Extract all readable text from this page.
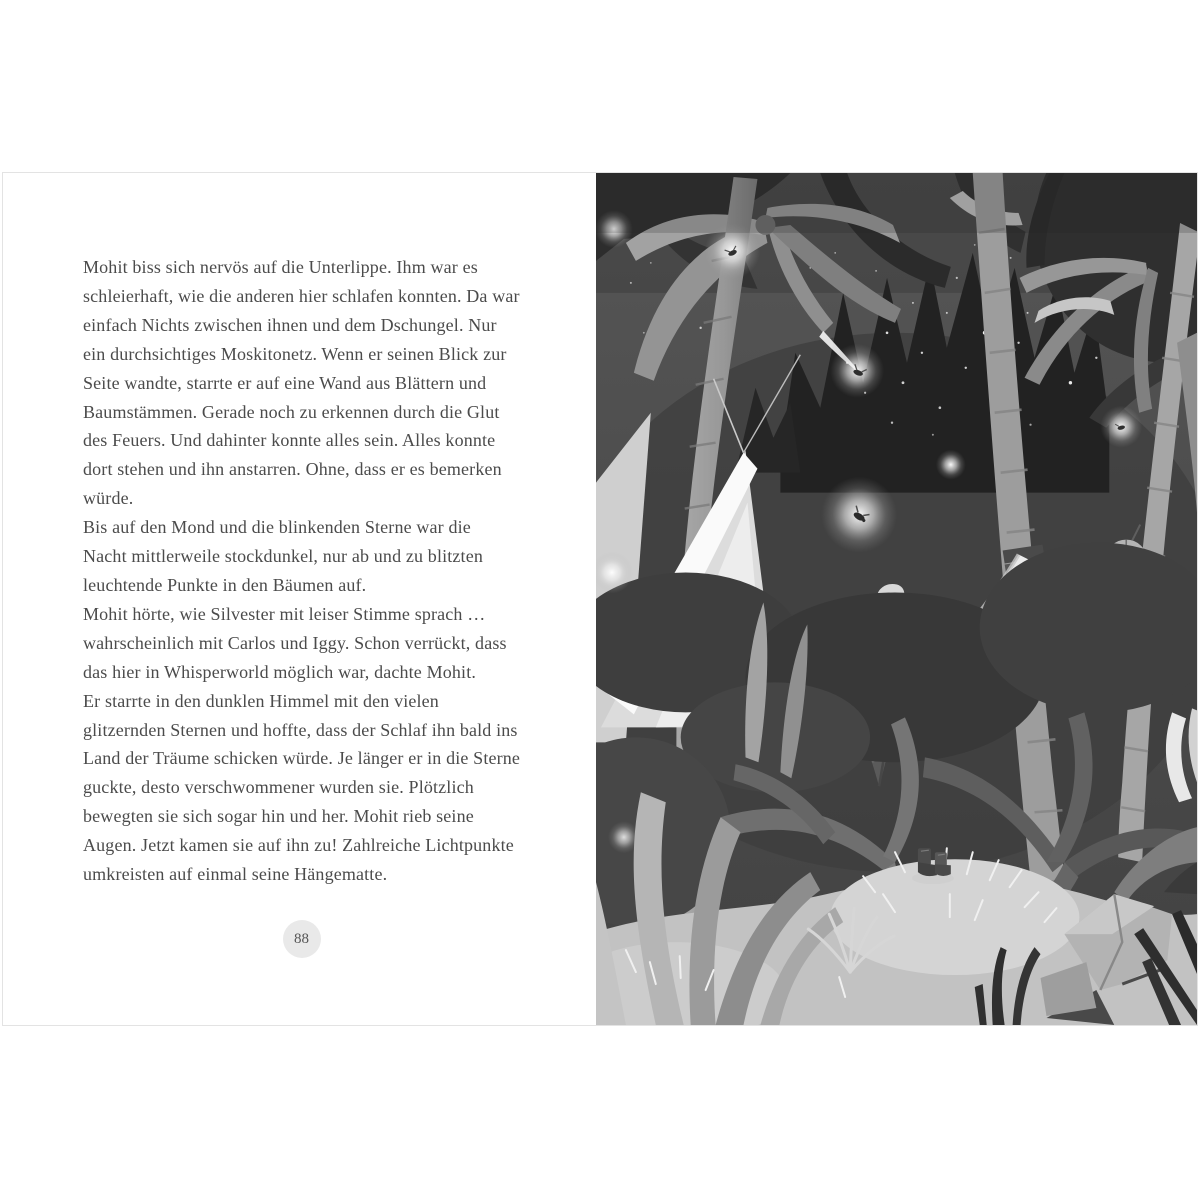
Mohit biss sich nervös auf die Unterlippe. Ihm war es
schleierhaft, wie die anderen hier schlafen konnten. Da war
einfach Nichts zwischen ihnen und dem Dschungel. Nur
ein durchsichtiges Moskitonetz. Wenn er seinen Blick zur
Seite wandte, starrte er auf eine Wand aus Blättern und
Baumstämmen. Gerade noch zu erkennen durch die Glut
des Feuers. Und dahinter konnte alles sein. Alles konnte
dort stehen und ihn anstarren. Ohne, dass er es bemerken
würde.
Bis auf den Mond und die blinkenden Sterne war die
Nacht mittlerweile stockdunkel, nur ab und zu blitzten
leuchtende Punkte in den Bäumen auf.
Mohit hörte, wie Silvester mit leiser Stimme sprach …
wahrscheinlich mit Carlos und Iggy. Schon verrückt, dass
das hier in Whisperworld möglich war, dachte Mohit.
Er starrte in den dunklen Himmel mit den vielen
glitzernden Sternen und hoffte, dass der Schlaf ihn bald ins
Land der Träume schicken würde. Je länger er in die Sterne
guckte, desto verschwommener wurden sie. Plötzlich
bewegten sie sich sogar hin und her. Mohit rieb seine
Augen. Jetzt kamen sie auf ihn zu! Zahlreiche Lichtpunkte
umkreisten auf einmal seine Hängematte.
88
